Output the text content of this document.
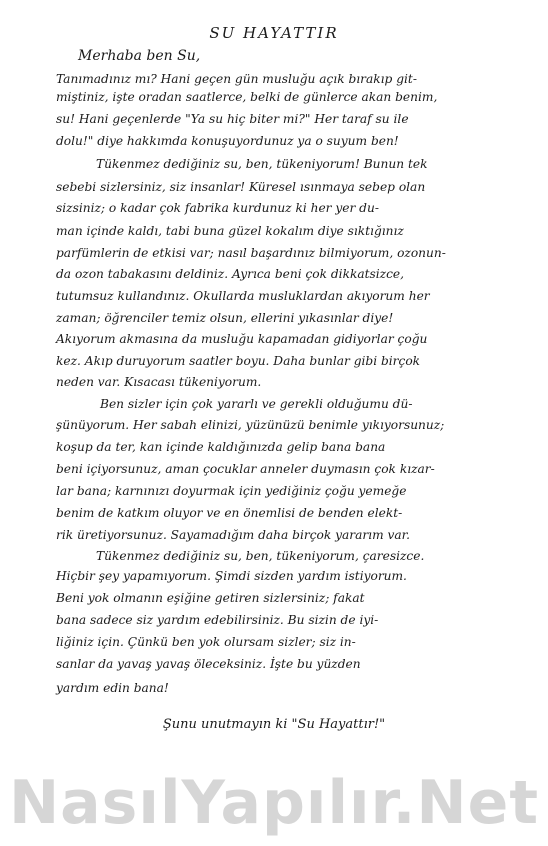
SU HAYATTIR
Merhaba ben Su,
Tanımadınız mı? Hani geçen gün musluğu açık bırakıp git-
miştiniz, işte oradan saatlerce, belki de günlerce akan benim,
su! Hani geçenlerde "Ya su hiç biter mi?" Her taraf su ile
dolu!" diye hakkımda konuşuyordunuz ya o suyum ben!
Tükenmez dediğiniz su, ben, tükeniyorum! Bunun tek
sebebi sizlersiniz, siz insanlar! Küresel ısınmaya sebep olan
sizsiniz; o kadar çok fabrika kurdunuz ki her yer du-
man içinde kaldı, tabi buna güzel kokalım diye sıktığınız
parfümlerin de etkisi var; nasıl başardınız bilmiyorum, ozonun-
da ozon tabakasını deldiniz. Ayrıca beni çok dikkatsizce,
tutumsuz kullandınız. Okullarda musluklardan akıyorum her
zaman; öğrenciler temiz olsun, ellerini yıkasınlar diye!
Akıyorum akmasına da musluğu kapamadan gidiyorlar çoğu
kez. Akıp duruyorum saatler boyu. Daha bunlar gibi birçok
neden var. Kısacası tükeniyorum.
Ben sizler için çok yararlı ve gerekli olduğumu dü-
şünüyorum. Her sabah elinizi, yüzünüzü benimle yıkıyorsunuz;
koşup da ter, kan içinde kaldığınızda gelip bana bana
beni içiyorsunuz, aman çocuklar anneler duymasın çok kızar-
lar bana; karnınızı doyurmak için yediğiniz çoğu yemeğe
benim de katkım oluyor ve en önemlisi de benden elekt-
rik üretiyorsunuz. Sayamadığım daha birçok yararım var.
Tükenmez dediğiniz su, ben, tükeniyorum, çaresizce.
Hiçbir şey yapamıyorum. Şimdi sizden yardım istiyorum.
Beni yok olmanın eşiğine getiren sizlersiniz; fakat
bana sadece siz yardım edebilirsiniz. Bu sizin de iyi-
liğiniz için. Çünkü ben yok olursam sizler; siz in-
sanlar da yavaş yavaş öleceksiniz. İşte bu yüzden
yardım edin bana!
Şunu unutmayın ki "Su Hayattır!"
NasılYapılır.Net
